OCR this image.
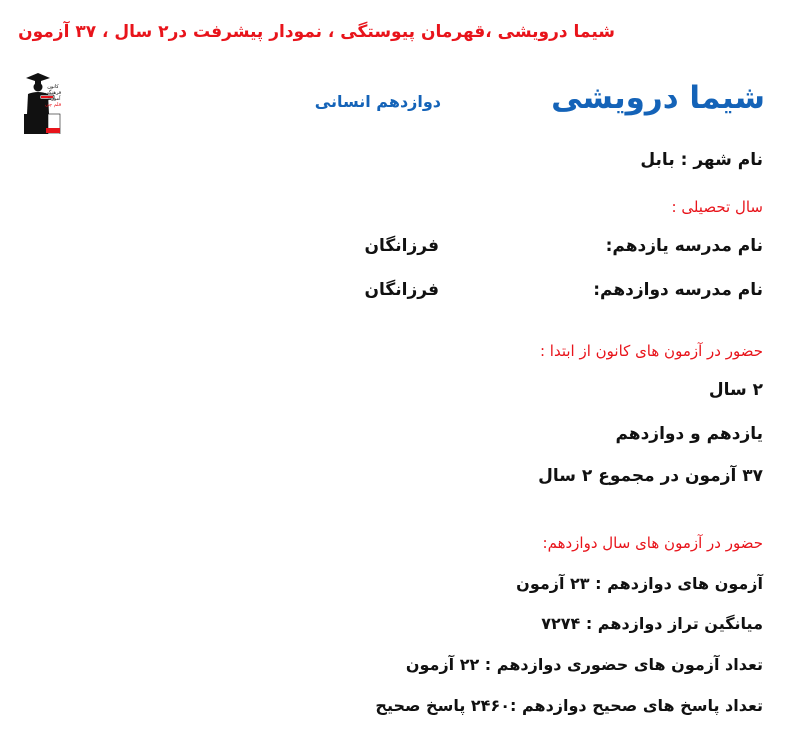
شیما درویشی ،قهرمان پیوستگی ، نمودار پیشرفت در۲ سال ، ۳۷ آزمون
کانون
فرهنگی
آموزش
قلم چی	شیما درویشی
دوازدهم انسانی
نام شهر : بابل
سال تحصیلی :
نام مدرسه یازدهم:
فرزانگان
نام مدرسه دوازدهم:
فرزانگان
حضور در آزمون های کانون از ابتدا :
۲ سال
یازدهم و دوازدهم
۳۷ آزمون در مجموع ۲ سال
حضور در آزمون های سال دوازدهم:
آزمون های دوازدهم : ۲۳ آزمون
میانگین تراز دوازدهم : ۷۲۷۴
تعداد آزمون های حضوری دوازدهم : ۲۲ آزمون
تعداد پاسخ های صحیح دوازدهم :۲۴۶۰ پاسخ صحیح
